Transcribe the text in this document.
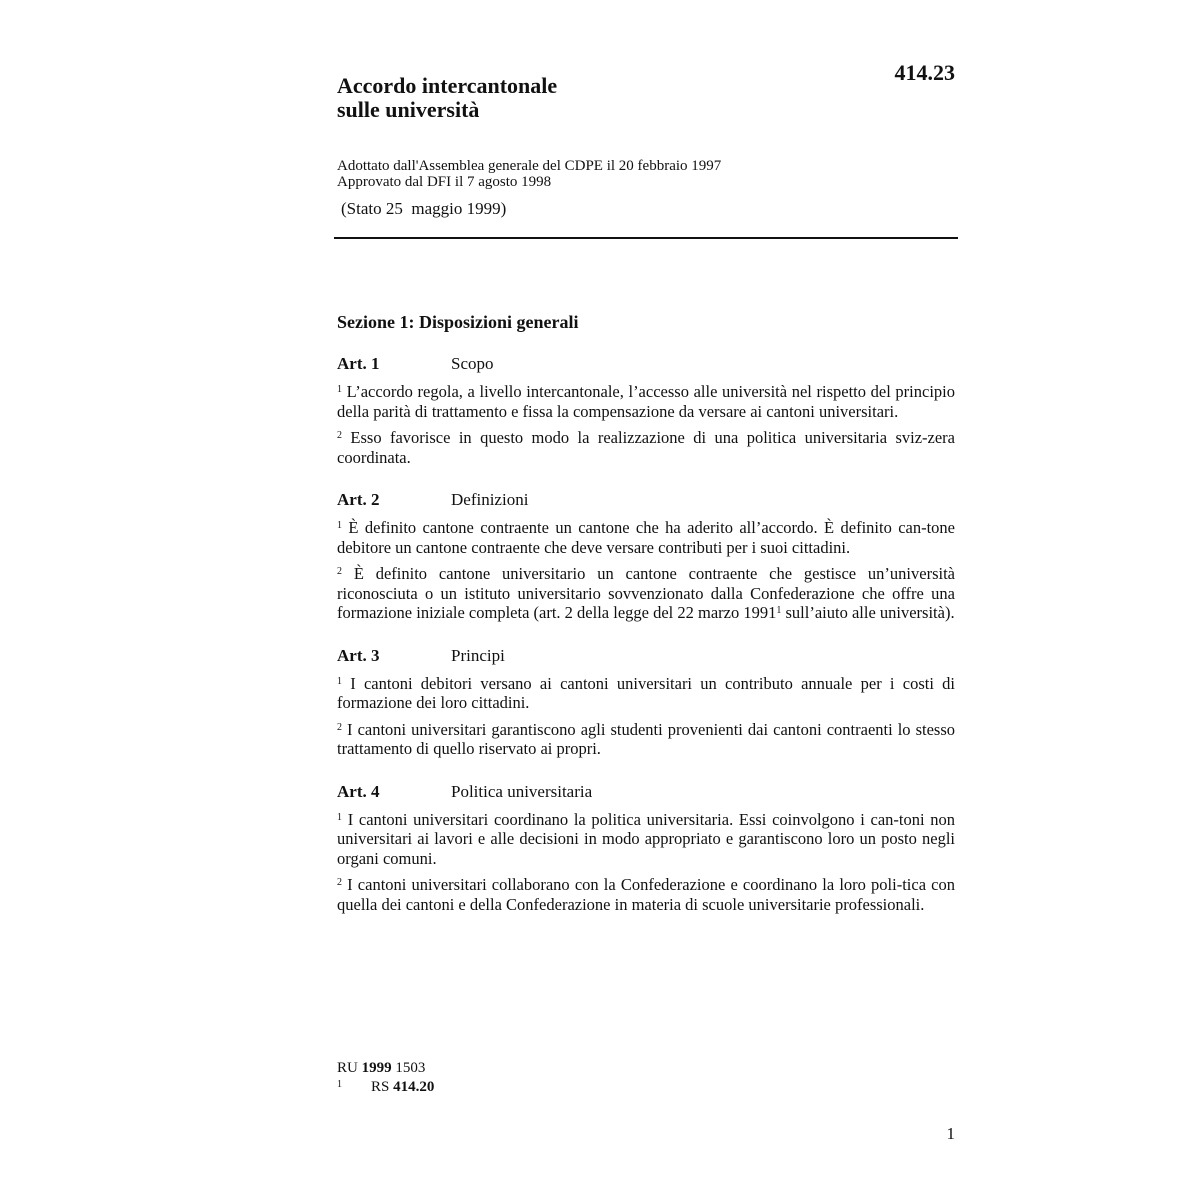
414.23
Accordo intercantonale
sulle università
Adottato dall'Assemblea generale del CDPE il 20 febbraio 1997
Approvato dal DFI il 7 agosto 1998
(Stato 25  maggio 1999)
Sezione 1: Disposizioni generali
Art. 1	Scopo
$^1$ L’accordo regola, a livello intercantonale, l’accesso alle università nel rispetto del principio della parità di trattamento e fissa la compensazione da versare ai cantoni universitari.
$^2$ Esso favorisce in questo modo la realizzazione di una politica universitaria sviz-zera coordinata.
Art. 2	Definizioni
$^1$ È definito cantone contraente un cantone che ha aderito all’accordo. È definito can-tone debitore un cantone contraente che deve versare contributi per i suoi cittadini.
$^2$ È definito cantone universitario un cantone contraente che gestisce un’università riconosciuta o un istituto universitario sovvenzionato dalla Confederazione che offre una formazione iniziale completa (art. 2 della legge del 22 marzo 1991$^1$ sull’aiuto alle università).
Art. 3	Principi
$^1$ I cantoni debitori versano ai cantoni universitari un contributo annuale per i costi di formazione dei loro cittadini.
$^2$ I cantoni universitari garantiscono agli studenti provenienti dai cantoni contraenti lo stesso trattamento di quello riservato ai propri.
Art. 4	Politica universitaria
$^1$ I cantoni universitari coordinano la politica universitaria. Essi coinvolgono i can-toni non universitari ai lavori e alle decisioni in modo appropriato e garantiscono loro un posto negli organi comuni.
$^2$ I cantoni universitari collaborano con la Confederazione e coordinano la loro poli-tica con quella dei cantoni e della Confederazione in materia di scuole universitarie professionali.
RU 1999 1503
1	RS 414.20
1
